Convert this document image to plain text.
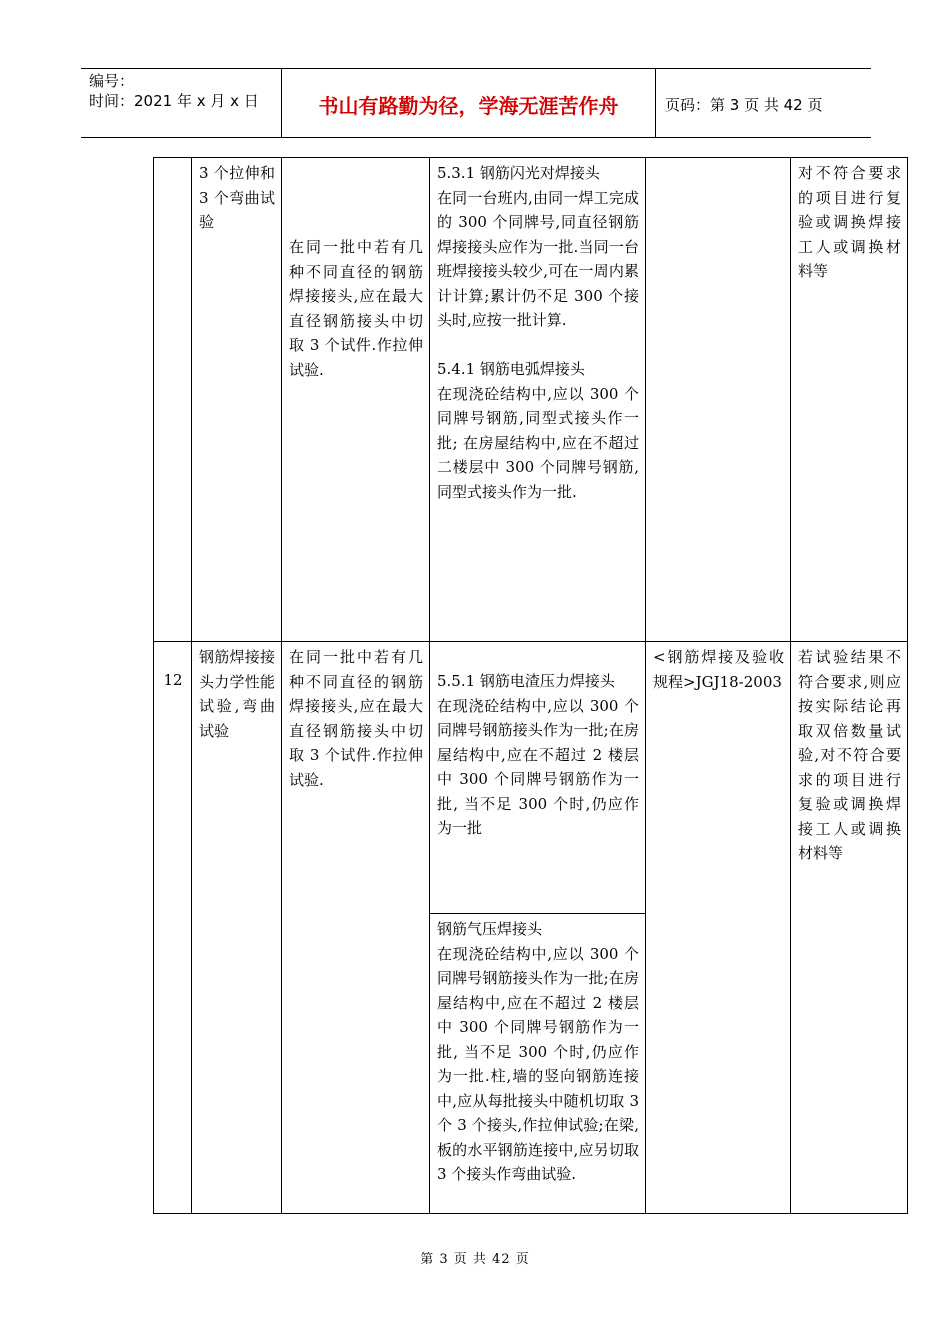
编号：
时间：2021 年 x 月 x 日	书山有路勤为径，学海无涯苦作舟	页码：第 3 页 共 42 页
	3 个拉伸和 3 个弯曲试验	在同一批中若有几种不同直径的钢筋焊接接头,应在最大直径钢筋接头中切取 3 个试件.作拉伸试验.	5.3.1 钢筋闪光对焊接头
在同一台班内,由同一焊工完成的 300 个同牌号,同直径钢筋焊接接头应作为一批.当同一台班焊接接头较少,可在一周内累计计算;累计仍不足 300 个接头时,应按一批计算.
5.4.1 钢筋电弧焊接头
在现浇砼结构中,应以 300 个同牌号钢筋,同型式接头作一批; 在房屋结构中,应在不超过二楼层中 300 个同牌号钢筋,同型式接头作为一批.		对不符合要求的项目进行复验或调换焊接工人或调换材料等
12	钢筋焊接接头力学性能试验,弯曲试验	在同一批中若有几种不同直径的钢筋焊接接头,应在最大直径钢筋接头中切取 3 个试件.作拉伸试验.	5.5.1 钢筋电渣压力焊接头
在现浇砼结构中,应以 300 个同牌号钢筋接头作为一批;在房屋结构中,应在不超过 2 楼层中 300 个同牌号钢筋作为一批, 当不足 300 个时,仍应作为一批	<钢筋焊接及验收规程>JGJ18-2003	若试验结果不符合要求,则应按实际结论再取双倍数量试验,对不符合要求的项目进行复验或调换焊接工人或调换材料等

			钢筋气压焊接头
在现浇砼结构中,应以 300 个同牌号钢筋接头作为一批;在房屋结构中,应在不超过 2 楼层中 300 个同牌号钢筋作为一批, 当不足 300 个时,仍应作为一批.柱,墙的竖向钢筋连接中,应从每批接头中随机切取 3 个 3 个接头,作拉伸试验;在梁,板的水平钢筋连接中,应另切取 3 个接头作弯曲试验.		
第 3 页 共 42 页
